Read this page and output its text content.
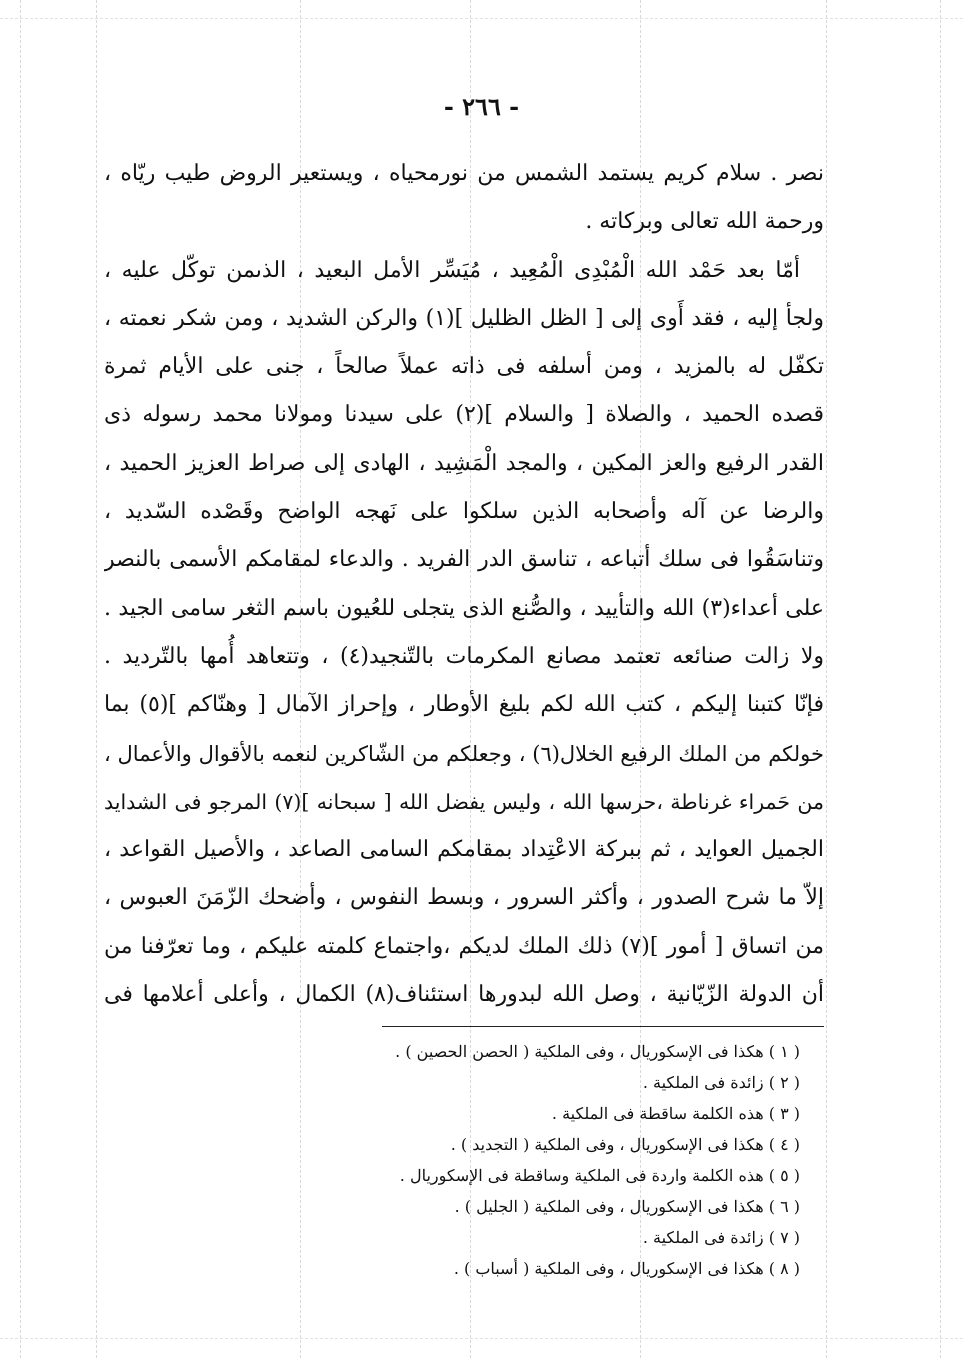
- ٢٦٦ -
نصر . سلام كريم يستمد الشمس من نورمحياه ، ويستعير الروض طيب ريّاه ،
ورحمة الله تعالى وبركاته .
أمّا بعد حَمْد الله الْمُبْدِى الْمُعِيد ، مُيَسِّر الأمل البعيد ، الذىمن توكّل عليه ،
ولجأ إليه ، فقد أَوى إلى [ الظل الظليل ](١) والركن الشديد ، ومن شكر نعمته ،
تكفّل له بالمزيد ، ومن أسلفه فى ذاته عملاً صالحاً ، جنى على الأيام ثمرة
قصده الحميد ، والصلاة [ والسلام ](٢) على سيدنا ومولانا محمد رسوله ذى
القدر الرفيع والعز المكين ، والمجد الْمَشِيد ، الهادى إلى صراط العزيز الحميد ،
والرضا عن آله وأصحابه الذين سلكوا على نَهجه الواضح وقَصْده السّديد ،
وتناسَقُوا فى سلك أتباعه ، تناسق الدر الفريد . والدعاء لمقامكم الأسمى بالنصر
على أعداء(٣) الله والتأييد ، والصُّنع الذى يتجلى للعُيون باسم الثغر سامى الجيد .
ولا زالت صنائعه تعتمد مصانع المكرمات بالتّنجيد(٤) ، وتتعاهد أُمها بالتّرديد .
فإنّا كتبنا إليكم ، كتب الله لكم بليغ الأوطار ، وإحراز الآمال [ وهنّاكم ](٥) بما
خولكم من الملك الرفيع الخلال(٦) ، وجعلكم من الشّاكرين لنعمه بالأقوال والأعمال ،
من حَمراء غرناطة ،حرسها الله ، وليس يفضل الله [ سبحانه ](٧) المرجو فى الشدايد
الجميل العوايد ، ثم ببركة الاعْتِداد بمقامكم السامى الصاعد ، والأصيل القواعد ،
إلاّ ما شرح الصدور ، وأكثر السرور ، وبسط النفوس ، وأضحك الزّمَنَ العبوس ،
من اتساق [ أمور ](٧) ذلك الملك لديكم ،واجتماع كلمته عليكم ، وما تعرّفنا من
أن الدولة الزّيّانية ، وصل الله لبدورها استئناف(٨) الكمال ، وأعلى أعلامها فى
( ١ ) هكذا فى الإسكوريال ، وفى الملكية ( الحصن الحصين ) .
( ٢ ) زائدة فى الملكية .
( ٣ ) هذه الكلمة ساقطة فى الملكية .
( ٤ ) هكذا فى الإسكوريال ، وفى الملكية ( التجديد ) .
( ٥ ) هذه الكلمة واردة فى الملكية وساقطة فى الإسكوريال .
( ٦ ) هكذا فى الإسكوريال ، وفى الملكية ( الجليل ) .
( ٧ ) زائدة فى الملكية .
( ٨ ) هكذا فى الإسكوريال ، وفى الملكية ( أسباب ) .
